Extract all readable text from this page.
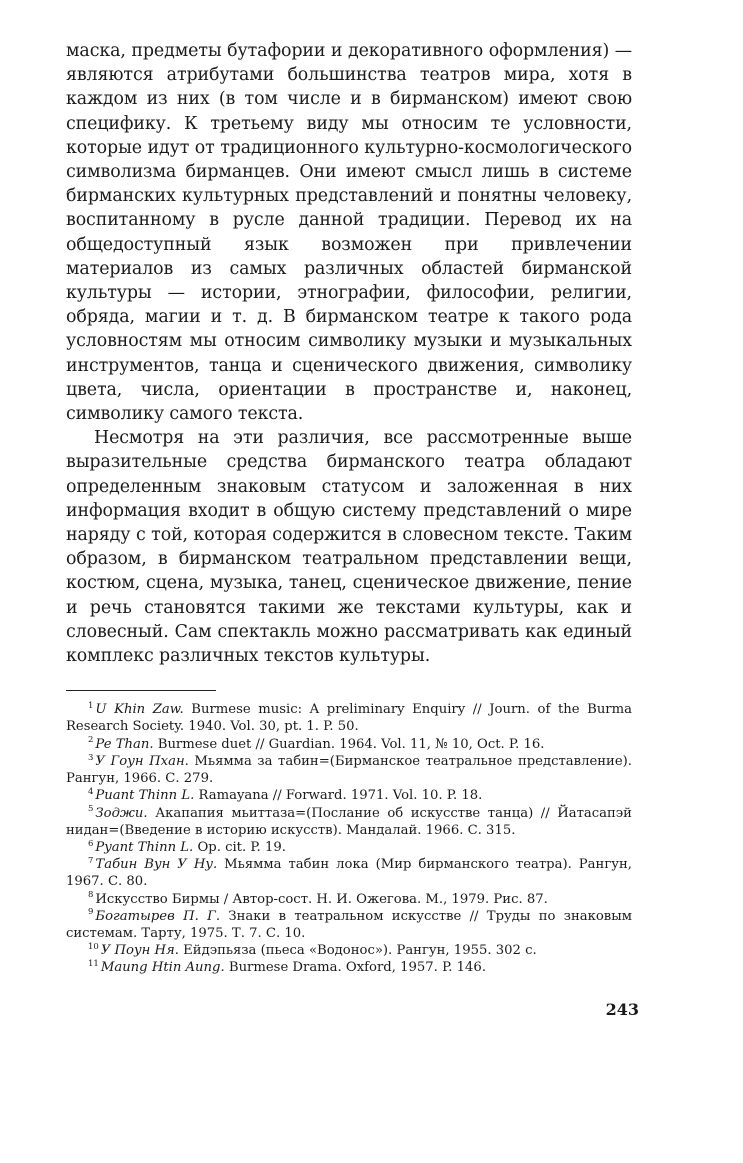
маска, предметы бутафории и декоративного оформления) — являются атрибутами большинства театров мира, хотя в каждом из них (в том числе и в бирманском) имеют свою специфику. К третьему виду мы относим те условности, которые идут от традиционного культурно-космологического символизма бирманцев. Они имеют смысл лишь в системе бирманских культурных представлений и понятны человеку, воспитанному в русле данной традиции. Перевод их на общедоступный язык возможен при привлечении материалов из самых различных областей бирманской культуры — истории, этнографии, философии, религии, обряда, магии и т. д. В бирманском театре к такого рода условностям мы относим символику музыки и музыкальных инструментов, танца и сценического движения, символику цвета, числа, ориентации в пространстве и, наконец, символику самого текста.

Несмотря на эти различия, все рассмотренные выше выразительные средства бирманского театра обладают определенным знаковым статусом и заложенная в них информация входит в общую систему представлений о мире наряду с той, которая содержится в словесном тексте. Таким образом, в бирманском театральном представлении вещи, костюм, сцена, музыка, танец, сценическое движение, пение и речь становятся такими же текстами культуры, как и словесный. Сам спектакль можно рассматривать как единый комплекс различных текстов культуры.

$^1$ U Khin Zaw. Burmese music: A preliminary Enquiry // Journ. of the Burma Research Society. 1940. Vol. 30, pt. 1. P. 50.

$^2$ Pe Than. Burmese duet // Guardian. 1964. Vol. 11, № 10, Oct. P. 16.

$^3$ У Гоун Пхан. Мьямма за табин=(Бирманское театральное представление). Рангун, 1966. С. 279.

$^4$ Puant Thinn L. Ramayana // Forward. 1971. Vol. 10. P. 18.

$^5$ Зоджи. Акапапия мьиттаза=(Послание об искусстве танца) // Йатасапэй нидан=(Введение в историю искусств). Мандалай. 1966. С. 315.

$^6$ Pyant Thinn L. Op. cit. P. 19.

$^7$ Табин Вун У Ну. Мьямма табин лока (Мир бирманского театра). Рангун, 1967. С. 80.

$^8$ Искусство Бирмы / Автор-сост. Н. И. Ожегова. М., 1979. Рис. 87.

$^9$ Богатырев П. Г. Знаки в театральном искусстве // Труды по знаковым системам. Тарту, 1975. Т. 7. С. 10.

$^{10}$ У Поун Ня. Ейдэпьяза (пьеса «Водонос»). Рангун, 1955. 302 с.

$^{11}$ Maung Htin Aung. Burmese Drama. Oxford, 1957. P. 146.

243
